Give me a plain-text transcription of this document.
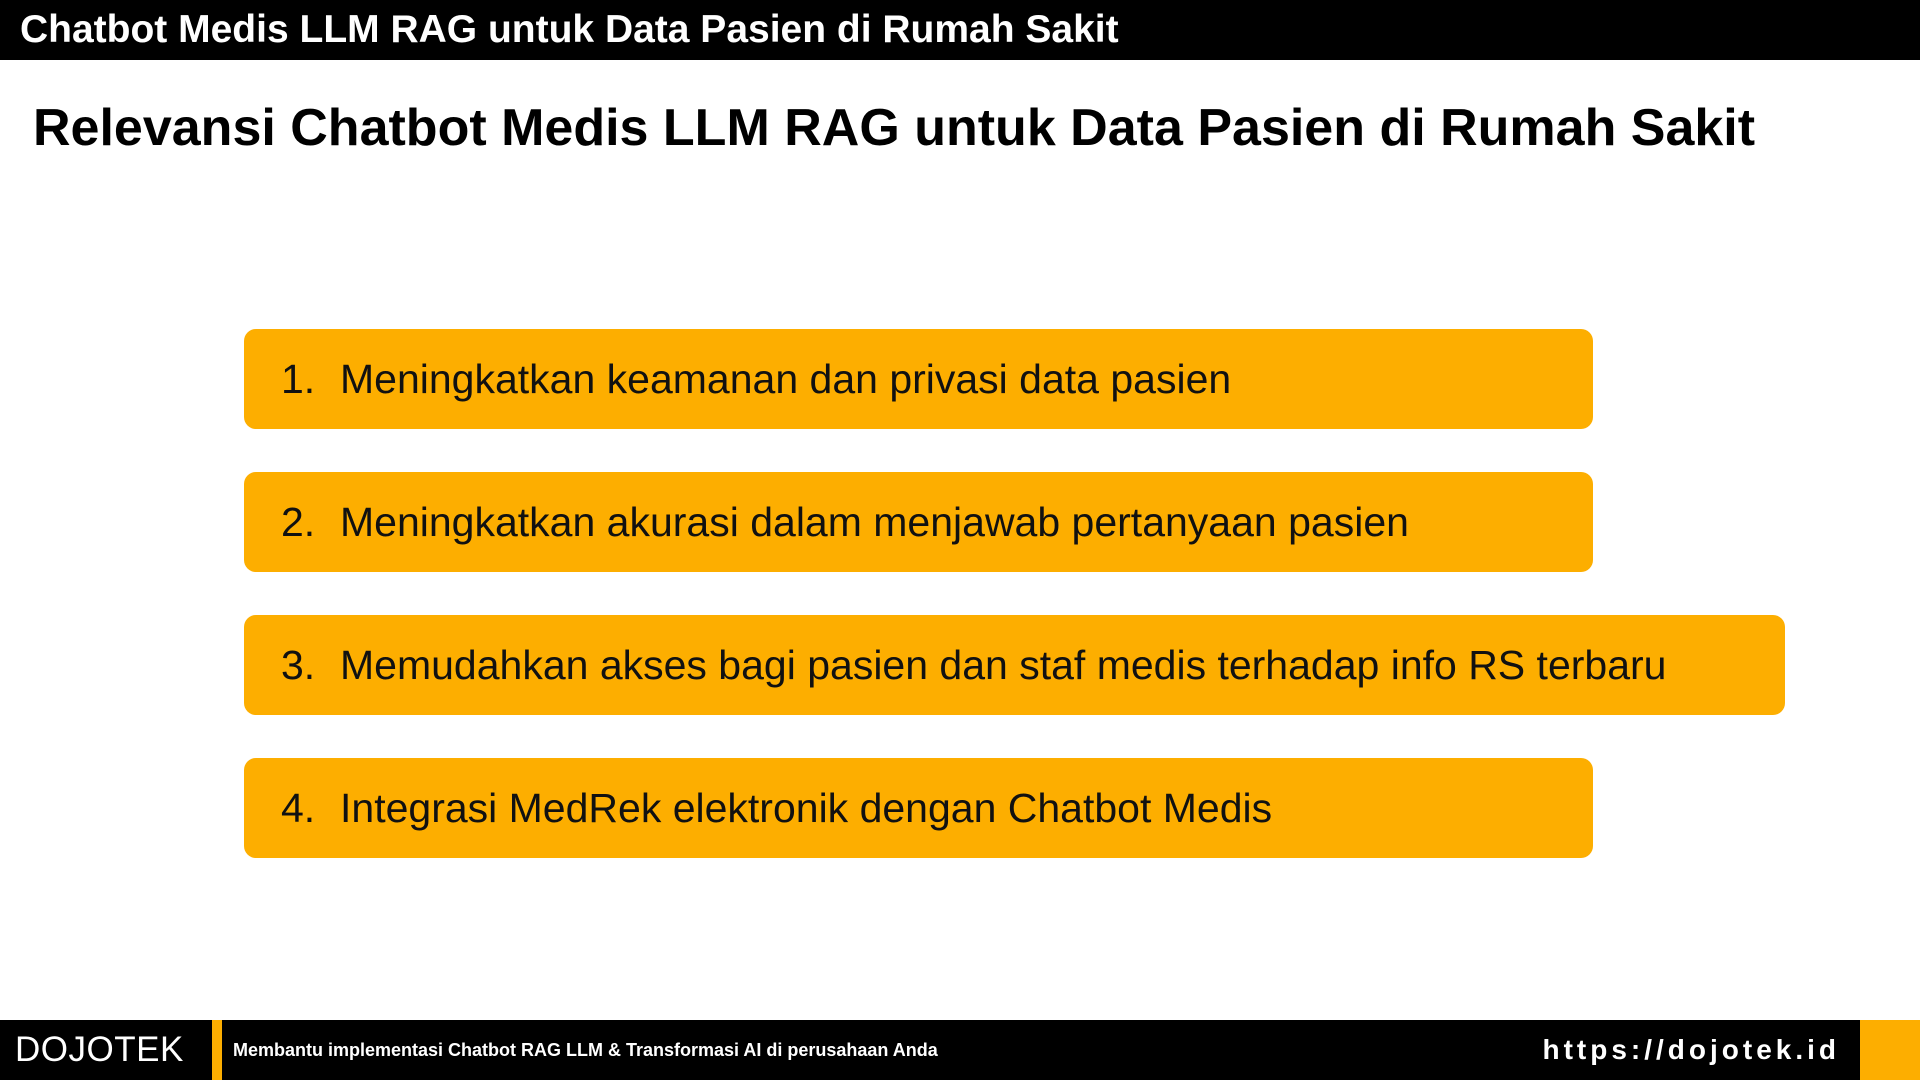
Chatbot Medis LLM RAG untuk Data Pasien di Rumah Sakit
Relevansi Chatbot Medis LLM RAG untuk Data Pasien di Rumah Sakit
1. Meningkatkan keamanan dan privasi data pasien
2. Meningkatkan akurasi dalam menjawab pertanyaan pasien
3. Memudahkan akses bagi pasien dan staf medis terhadap info RS terbaru
4. Integrasi MedRek elektronik dengan Chatbot Medis
DOJOTEK	Membantu implementasi Chatbot RAG LLM & Transformasi AI di perusahaan Anda	https://dojotek.id
